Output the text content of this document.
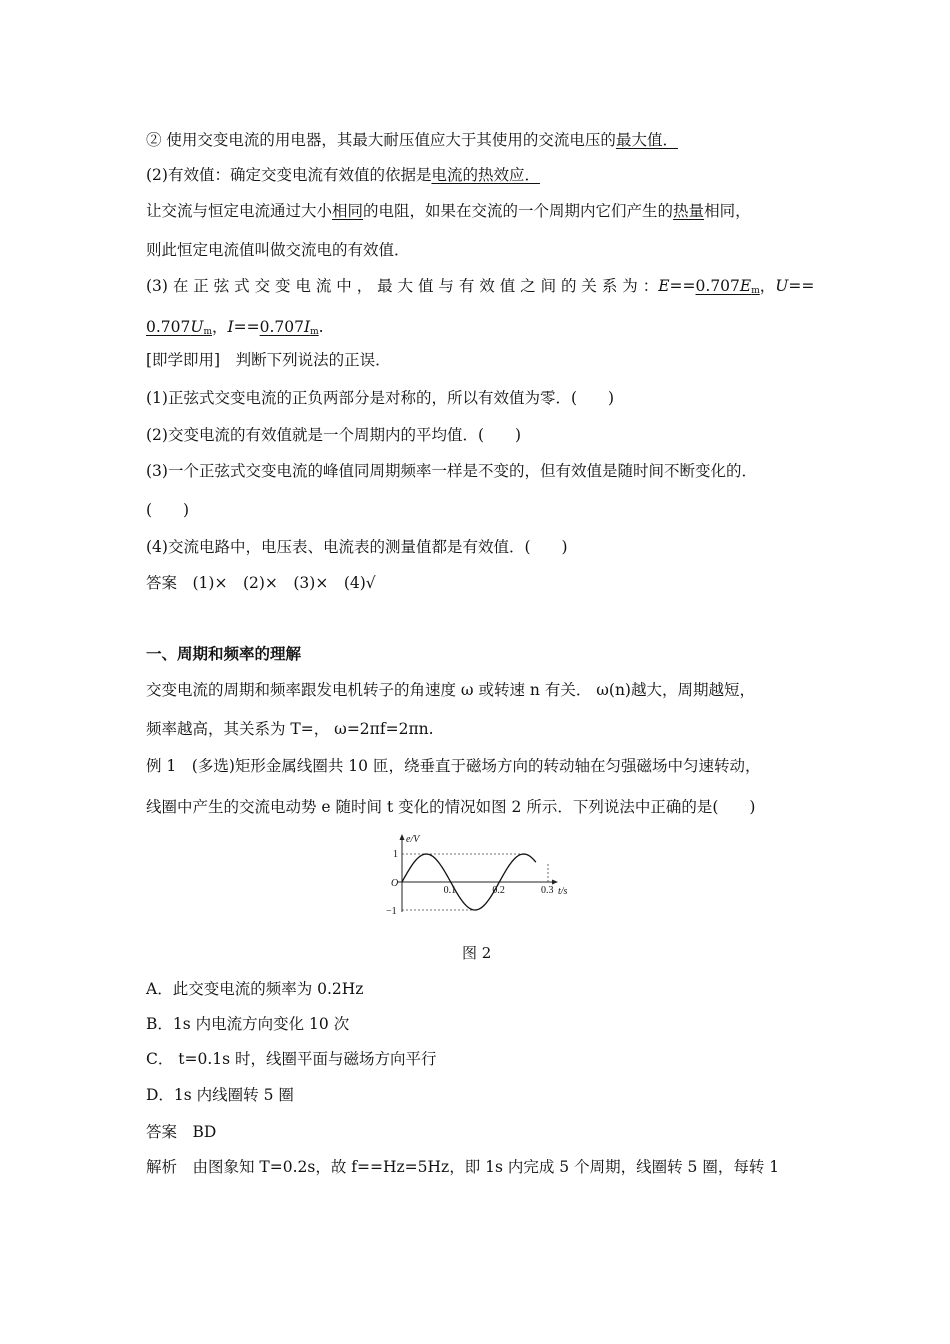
② 使用交变电流的用电器，其最大耐压值应大于其使用的交流电压的最大值．
(2)有效值：确定交变电流有效值的依据是电流的热效应．
让交流与恒定电流通过大小相同的电阻，如果在交流的一个周期内它们产生的热量相同，
则此恒定电流值叫做交流电的有效值．
(3) 在 正 弦 式 交 变 电 流 中 ， 最 大 值 与 有 效 值 之 间 的 关 系 为 ：$E==0.707E_m$，U==
$0.707U_m$，$I==0.707I_m$.
[即学即用]　判断下列说法的正误．
(1)正弦式交变电流的正负两部分是对称的，所以有效值为零．(　　)
(2)交变电流的有效值就是一个周期内的平均值．(　　)
(3)一个正弦式交变电流的峰值同周期频率一样是不变的，但有效值是随时间不断变化的．
(　　)
(4)交流电路中，电压表、电流表的测量值都是有效值．(　　)
答案　(1)×　(2)×　(3)×　(4)√
一、周期和频率的理解
交变电流的周期和频率跟发电机转子的角速度 ω 或转速 n 有关． ω(n)越大，周期越短，
频率越高，其关系为 T=， ω=2πf=2πn.
例 1　(多选)矩形金属线圈共 10 匝，绕垂直于磁场方向的转动轴在匀强磁场中匀速转动，
线圈中产生的交流电动势 e 随时间 t 变化的情况如图 2 所示．下列说法中正确的是(　　)
e/V
t/s
O
1
−1
0.1	0.2	0.3
图 2
A．此交变电流的频率为 0.2Hz
B．1s 内电流方向变化 10 次
C． t=0.1s 时，线圈平面与磁场方向平行
D．1s 内线圈转 5 圈
答案　BD
解析　由图象知 T=0.2s，故 f==Hz=5Hz，即 1s 内完成 5 个周期，线圈转 5 圈，每转 1
